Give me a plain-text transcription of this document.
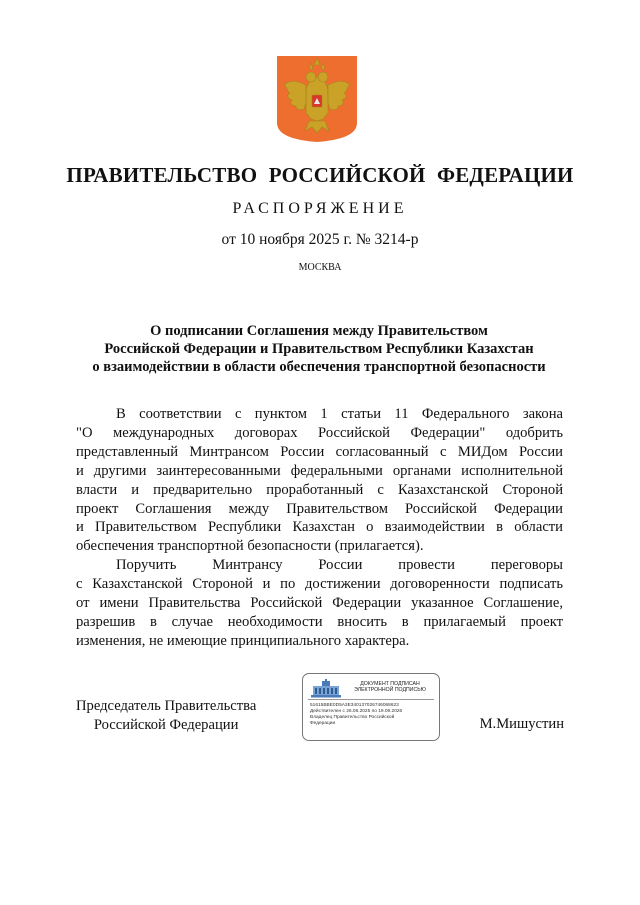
ПРАВИТЕЛЬСТВО РОССИЙСКОЙ ФЕДЕРАЦИИ
РАСПОРЯЖЕНИЕ
от 10 ноября 2025 г. № 3214-р
МОСКВА
О подписании Соглашения между Правительством
Российской Федерации и Правительством Республики Казахстан
о взаимодействии в области обеспечения транспортной безопасности
В соответствии с пунктом 1 статьи 11 Федерального закона
"О международных договорах Российской Федерации" одобрить
представленный Минтрансом России согласованный с МИДом России
и другими заинтересованными федеральными органами исполнительной
власти и предварительно проработанный с Казахстанской Стороной
проект Соглашения между Правительством Российской Федерации
и Правительством Республики Казахстан о взаимодействии в области
обеспечения транспортной безопасности (прилагается).
Поручить Минтрансу России провести переговоры
с Казахстанской Стороной и по достижении договоренности подписать
от имени Правительства Российской Федерации указанное Соглашение,
разрешив в случае необходимости вносить в прилагаемый проект
изменения, не имеющие принципиального характера.
Председатель Правительства
Российской Федерации
ДОКУМЕНТ ПОДПИСАН
ЭЛЕКТРОННОЙ ПОДПИСЬЮ
51615BBE0D5A3E340137026746068623
Действителен с 26.06.2025 по 19.09.2026
Владелец Правительство Российской
Федерации	М.Мишустин
